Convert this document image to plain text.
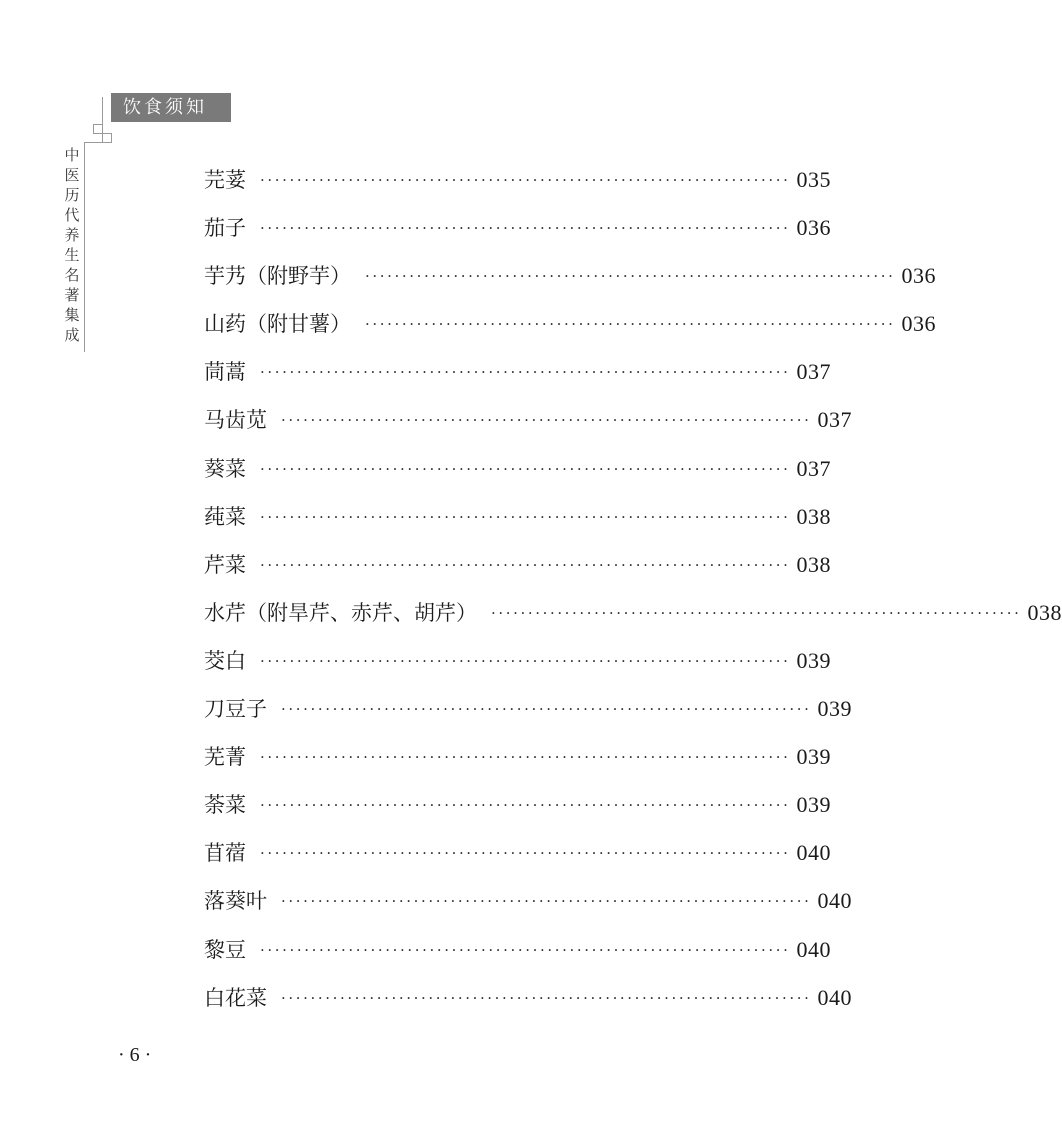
饮食须知
中医历代养生名著集成
芫荽 ········································································ 035
茄子 ········································································ 036
芋艿（附野芋） ········································································ 036
山药（附甘薯） ········································································ 036
茼蒿 ········································································ 037
马齿苋 ········································································ 037
葵菜 ········································································ 037
莼菜 ········································································ 038
芹菜 ········································································ 038
水芹（附旱芹、赤芹、胡芹） ········································································ 038
茭白 ········································································ 039
刀豆子 ········································································ 039
芜菁 ········································································ 039
荼菜 ········································································ 039
苜蓿 ········································································ 040
落葵叶 ········································································ 040
黎豆 ········································································ 040
白花菜 ········································································ 040
· 6 ·
